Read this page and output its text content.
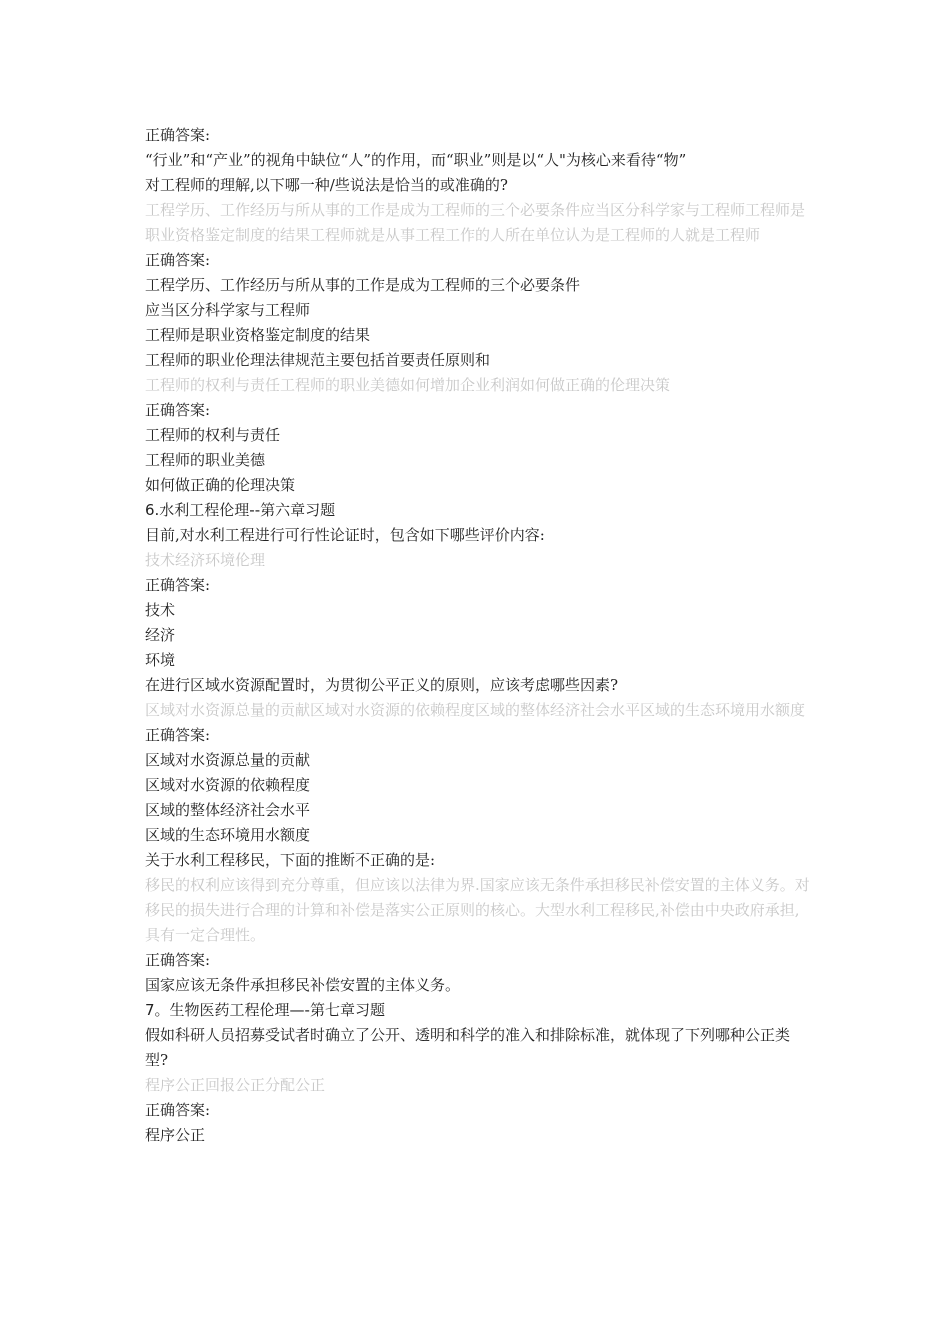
正确答案:
“行业”和“产业”的视角中缺位“人”的作用，而“职业”则是以“人"为核心来看待“物”
对工程师的理解,以下哪一种/些说法是恰当的或准确的?
工程学历、工作经历与所从事的工作是成为工程师的三个必要条件应当区分科学家与工程师工程师是职业资格鉴定制度的结果工程师就是从事工程工作的人所在单位认为是工程师的人就是工程师
正确答案:
工程学历、工作经历与所从事的工作是成为工程师的三个必要条件
应当区分科学家与工程师
工程师是职业资格鉴定制度的结果
工程师的职业伦理法律规范主要包括首要责任原则和
工程师的权利与责任工程师的职业美德如何增加企业利润如何做正确的伦理决策
正确答案:
工程师的权利与责任
工程师的职业美德
如何做正确的伦理决策
6.水利工程伦理--第六章习题
目前,对水利工程进行可行性论证时，包含如下哪些评价内容:
技术经济环境伦理
正确答案:
技术
经济
环境
在进行区域水资源配置时，为贯彻公平正义的原则，应该考虑哪些因素?
区域对水资源总量的贡献区域对水资源的依赖程度区域的整体经济社会水平区域的生态环境用水额度
正确答案:
区域对水资源总量的贡献
区域对水资源的依赖程度
区域的整体经济社会水平
区域的生态环境用水额度
关于水利工程移民，下面的推断不正确的是:
移民的权利应该得到充分尊重，但应该以法律为界.国家应该无条件承担移民补偿安置的主体义务。对移民的损失进行合理的计算和补偿是落实公正原则的核心。大型水利工程移民,补偿由中央政府承担,具有一定合理性。
正确答案:
国家应该无条件承担移民补偿安置的主体义务。
7。生物医药工程伦理—-第七章习题
假如科研人员招募受试者时确立了公开、透明和科学的准入和排除标准，就体现了下列哪种公正类型?
程序公正回报公正分配公正
正确答案:
程序公正
